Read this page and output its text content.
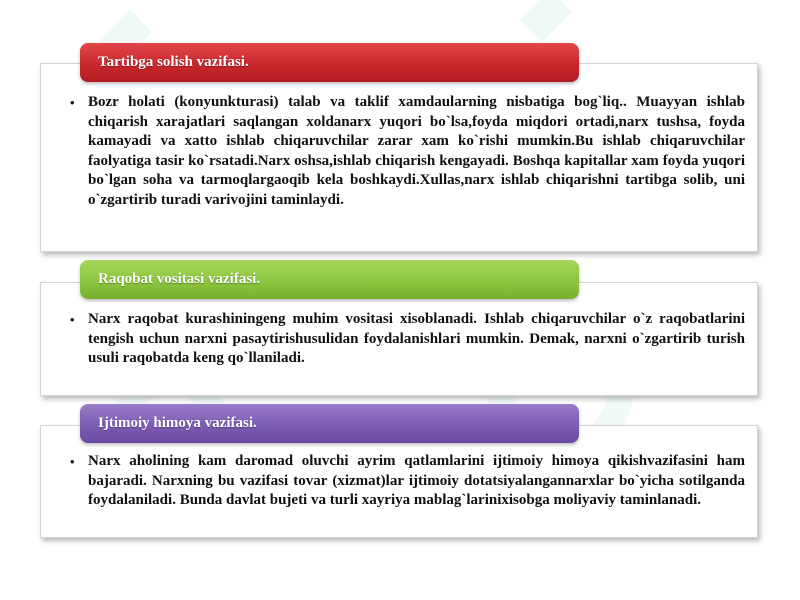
Tartibga solish vazifasi.
• Bozr holati (konyunkturasi) talab va taklif xamdaularning nisbatiga bog`liq.. Muayyan ishlab chiqarish xarajatlari saqlangan xoldanarx yuqori bo`lsa,foyda miqdori ortadi,narx tushsa, foyda kamayadi va xatto ishlab chiqaruvchilar zarar xam ko`rishi mumkin.Bu ishlab chiqaruvchilar faolyatiga tasir ko`rsatadi.Narx oshsa,ishlab chiqarish kengayadi. Boshqa kapitallar xam foyda yuqori bo`lgan soha va tarmoqlargaoqib kela boshkaydi.Xullas,narx ishlab chiqarishni tartibga solib, uni o`zgartirib turadi varivojini taminlaydi.
Raqobat vositasi vazifasi.
• Narx raqobat kurashiningeng muhim vositasi xisoblanadi. Ishlab chiqaruvchilar o`z raqobatlarini tengish uchun narxni pasaytirishusulidan foydalanishlari mumkin. Demak, narxni o`zgartirib turish usuli raqobatda keng qo`llaniladi.
Ijtimoiy himoya vazifasi.
• Narx aholining kam daromad oluvchi ayrim qatlamlarini ijtimoiy himoya qikishvazifasini ham bajaradi. Narxning bu vazifasi tovar (xizmat)lar ijtimoiy dotatsiyalangannarxlar bo`yicha sotilganda foydalaniladi. Bunda davlat bujeti va turli xayriya mablag`larinixisobga moliyaviy taminlanadi.
